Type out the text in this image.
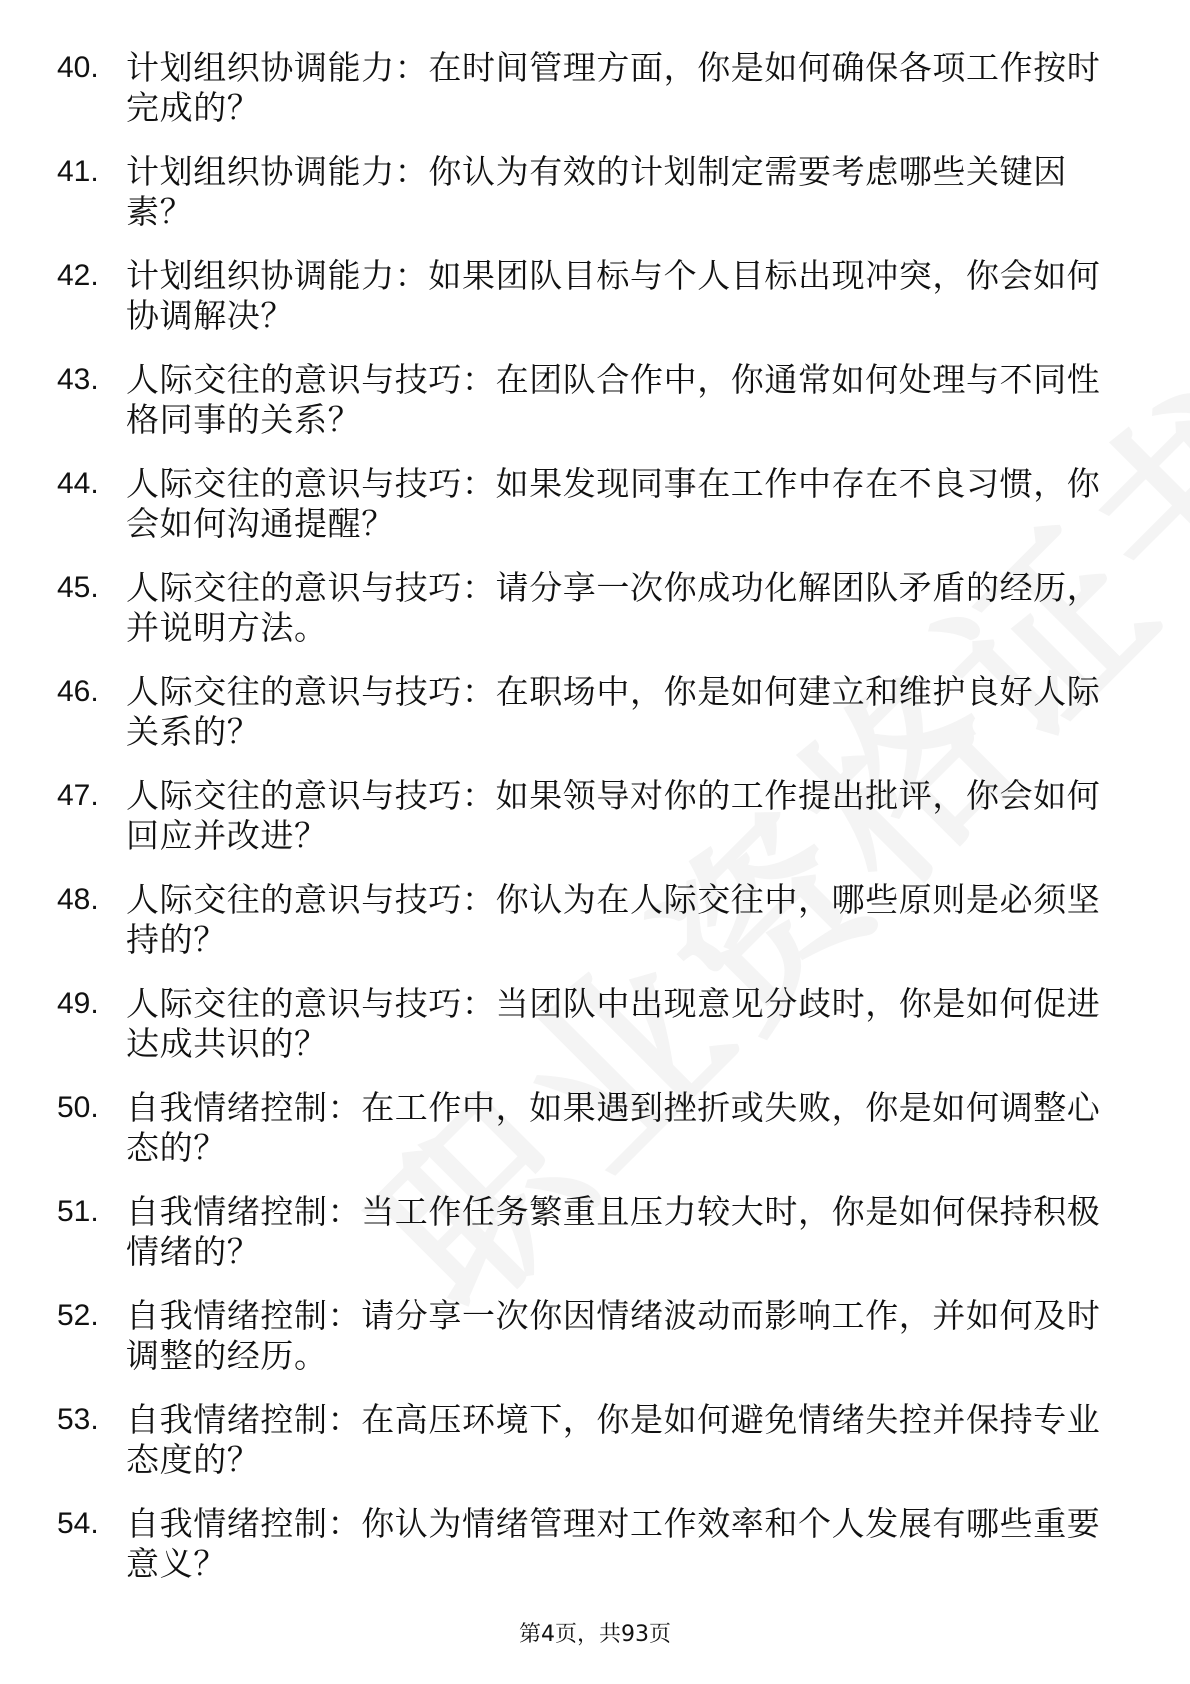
40. 计划组织协调能力：在时间管理方面，你是如何确保各项工作按时完成的？
41. 计划组织协调能力：你认为有效的计划制定需要考虑哪些关键因素？
42. 计划组织协调能力：如果团队目标与个人目标出现冲突，你会如何协调解决？
43. 人际交往的意识与技巧：在团队合作中，你通常如何处理与不同性格同事的关系？
44. 人际交往的意识与技巧：如果发现同事在工作中存在不良习惯，你会如何沟通提醒？
45. 人际交往的意识与技巧：请分享一次你成功化解团队矛盾的经历，并说明方法。
46. 人际交往的意识与技巧：在职场中，你是如何建立和维护良好人际关系的？
47. 人际交往的意识与技巧：如果领导对你的工作提出批评，你会如何回应并改进？
48. 人际交往的意识与技巧：你认为在人际交往中，哪些原则是必须坚持的？
49. 人际交往的意识与技巧：当团队中出现意见分歧时，你是如何促进达成共识的？
50. 自我情绪控制：在工作中，如果遇到挫折或失败，你是如何调整心态的？
51. 自我情绪控制：当工作任务繁重且压力较大时，你是如何保持积极情绪的？
52. 自我情绪控制：请分享一次你因情绪波动而影响工作，并如何及时调整的经历。
53. 自我情绪控制：在高压环境下，你是如何避免情绪失控并保持专业态度的？
54. 自我情绪控制：你认为情绪管理对工作效率和个人发展有哪些重要意义？
第4页，共93页
